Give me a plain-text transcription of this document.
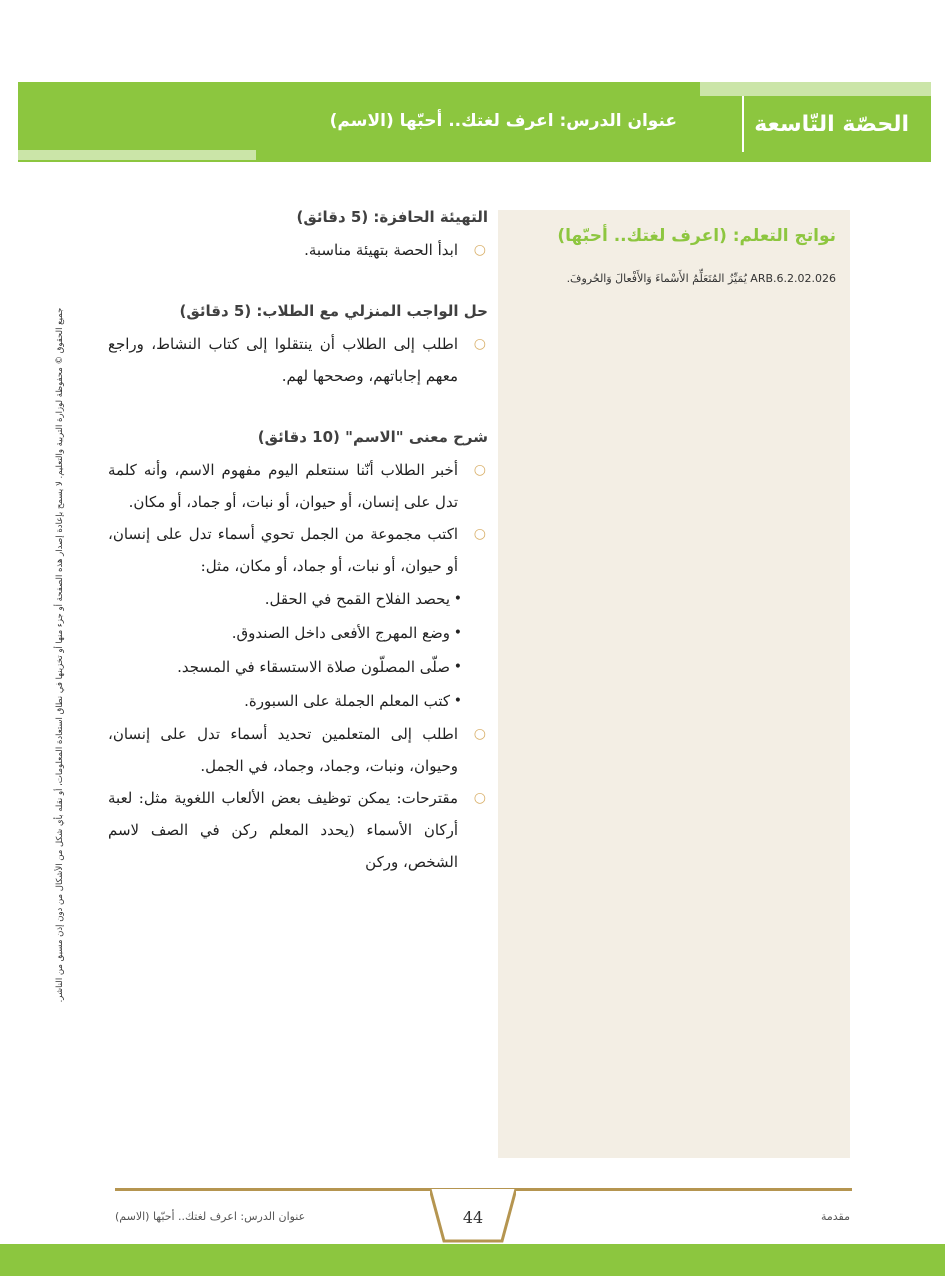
الحصّة التّاسعة
عنوان الدرس: اعرف لغتك.. أحبّها (الاسم)
جميع الحقوق © محفوظة لوزارة التربية والتعليم. لا يسمح بإعادة إصدار هذه الصفحة أو جزء منها أو تخزينها في نطاق استعادة المعلومات، أو نقله بأي شكل من الأشكال من دون إذن مسبق من الناشر.
نواتج التعلم: (اعرف لغتك.. أحبّها)
ARB.6.2.02.026 يُمَيِّزُ المُتَعَلِّمُ الأَسْماءَ وَالأَفْعالَ وَالحُروفَ.

التهيئة الحافزة: (5 دقائق)

○
ابدأ الحصة بتهيئة مناسبة.

حل الواجب المنزلي مع الطلاب: (5 دقائق)

○
اطلب إلى الطلاب أن ينتقلوا إلى كتاب النشاط، وراجع معهم إجاباتهم، وصححها لهم.

شرح معنى "الاسم" (10 دقائق)

○
أخبر الطلاب أنّنا سنتعلم اليوم مفهوم الاسم، وأنه كلمة تدل على إنسان، أو حيوان، أو نبات، أو جماد، أو مكان.

○
اكتب مجموعة من الجمل تحوي أسماء تدل على إنسان، أو حيوان، أو نبات، أو جماد، أو مكان، مثل:

•
يحصد الفلاح القمح في الحقل.

•
وضع المهرج الأفعى داخل الصندوق.

•
صلّى المصلّون صلاة الاستسقاء في المسجد.

•
كتب المعلم الجملة على السبورة.

○
اطلب إلى المتعلمين تحديد أسماء تدل على إنسان، وحيوان، ونبات، وجماد، وجماد، في الجمل.

○
مقترحات: يمكن توظيف بعض الألعاب اللغوية مثل: لعبة أركان الأسماء (يحدد المعلم ركن في الصف لاسم الشخص، وركن

44
عنوان الدرس: اعرف لغتك.. أحبّها (الاسم)	مقدمة
